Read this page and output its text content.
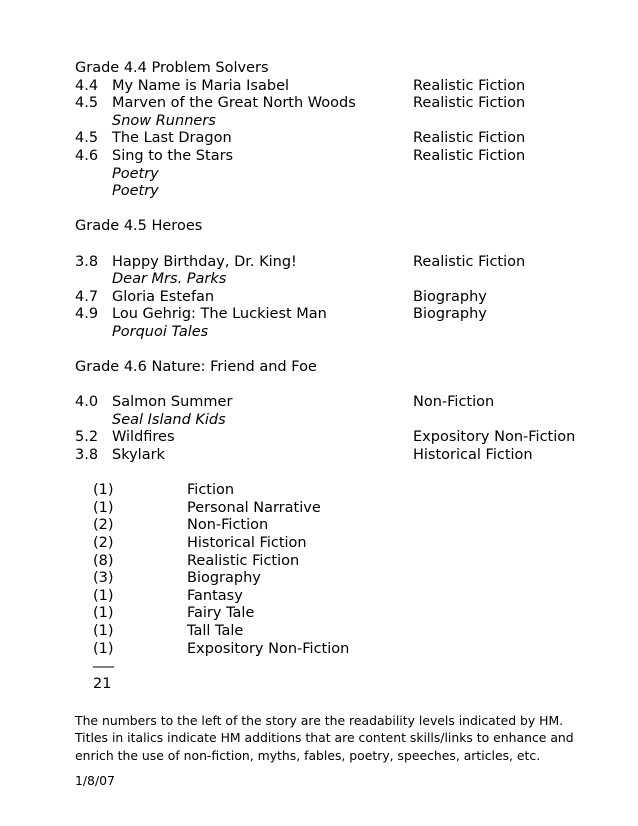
Grade 4.4 Problem Solvers
4.4 My Name is Maria Isabel	Realistic Fiction
4.5 Marven of the Great North Woods	Realistic Fiction
Snow Runners
4.5 The Last Dragon	Realistic Fiction
4.6 Sing to the Stars	Realistic Fiction
Poetry
Poetry
Grade 4.5 Heroes
3.8 Happy Birthday, Dr. King!	Realistic Fiction
Dear Mrs. Parks
4.7 Gloria Estefan	Biography
4.9 Lou Gehrig: The Luckiest Man	Biography
Porquoi Tales
Grade 4.6 Nature: Friend and Foe
4.0 Salmon Summer	Non-Fiction
Seal Island Kids
5.2 Wildfires	Expository Non-Fiction
3.8 Skylark	Historical Fiction
(1)	Fiction
(1)	Personal Narrative
(2)	Non-Fiction
(2)	Historical Fiction
(8)	Realistic Fiction
(3)	Biography
(1)	Fantasy
(1)	Fairy Tale
(1)	Tall Tale
(1)	Expository Non-Fiction
___
21
The numbers to the left of the story are the readability levels indicated by HM. Titles in italics indicate HM additions that are content skills/links to enhance and enrich the use of non-fiction, myths, fables, poetry, speeches, articles, etc.
1/8/07
